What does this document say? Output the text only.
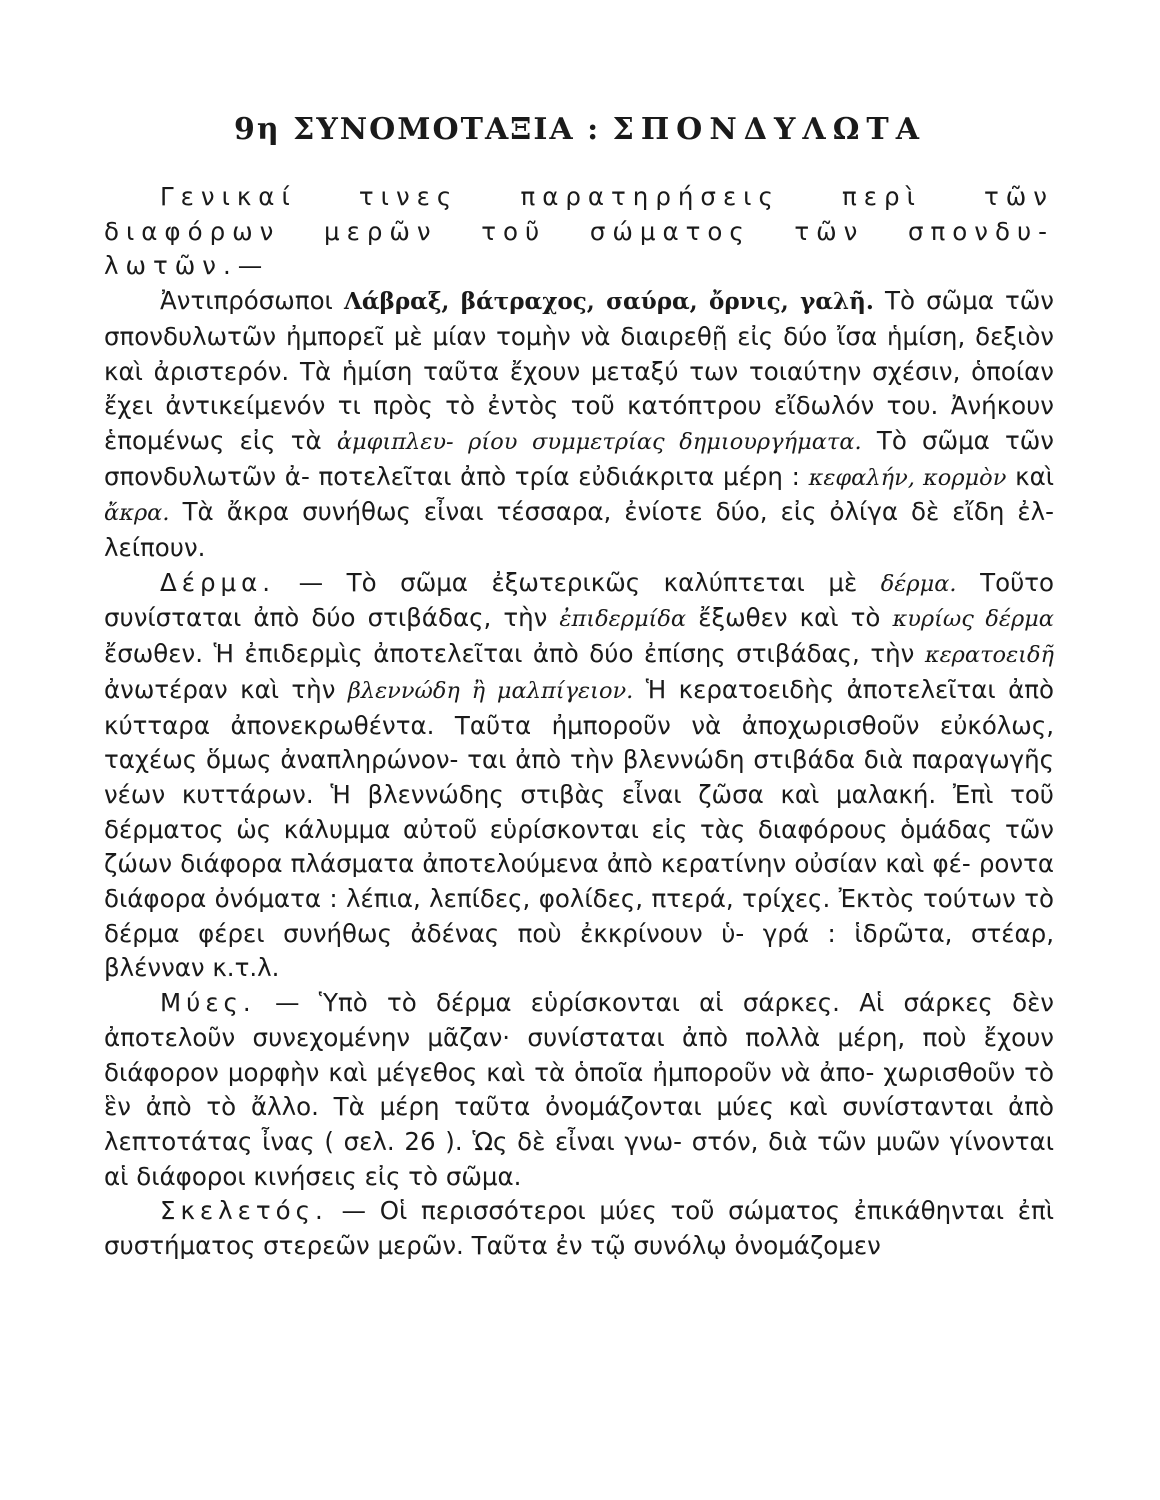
9η ΣΥΝΟΜΟΤΑΞΙΑ : ΣΠΟΝΔΥΛΩΤΑ

Γενικαί τινες παρατηρήσεις περὶ τῶν διαφόρων μερῶν τοῦ σώματος τῶν σπονδυ- λωτῶν.—

Ἀντιπρόσωποι Λάβραξ, βάτραχος, σαύρα, ὄρνις, γαλῆ. Τὸ σῶμα τῶν σπονδυλωτῶν ἠμπορεῖ μὲ μίαν τομὴν νὰ διαιρεθῇ εἰς δύο ἴσα ἡμίση, δεξιὸν καὶ ἀριστερόν. Τὰ ἡμίση ταῦτα ἔχουν μεταξύ των τοιαύτην σχέσιν, ὁποίαν ἔχει ἀντικείμενόν τι πρὸς τὸ ἐντὸς τοῦ κατόπτρου εἴδωλόν του. Ἀνήκουν ἑπομένως εἰς τὰ ἀμφιπλευ- ρίου συμμετρίας δημιουργήματα. Τὸ σῶμα τῶν σπονδυλωτῶν ἀ- ποτελεῖται ἀπὸ τρία εὐδιάκριτα μέρη : κεφαλήν, κορμὸν καὶ ἄκρα. Τὰ ἄκρα συνήθως εἶναι τέσσαρα, ἐνίοτε δύο, εἰς ὀλίγα δὲ εἴδη ἐλ- λείπουν.

Δέρμα. — Τὸ σῶμα ἐξωτερικῶς καλύπτεται μὲ δέρμα. Τοῦτο συνίσταται ἀπὸ δύο στιβάδας, τὴν ἐπιδερμίδα ἔξωθεν καὶ τὸ κυρίως δέρμα ἔσωθεν. Ἡ ἐπιδερμὶς ἀποτελεῖται ἀπὸ δύο ἐπίσης στιβάδας, τὴν κερατοειδῆ ἀνωτέραν καὶ τὴν βλεννώδη ἢ μαλπίγειον. Ἡ κερατοειδὴς ἀποτελεῖται ἀπὸ κύτταρα ἀπονεκρωθέντα. Ταῦτα ἠμποροῦν νὰ ἀποχωρισθοῦν εὐκόλως, ταχέως ὅμως ἀναπληρώνον- ται ἀπὸ τὴν βλεννώδη στιβάδα διὰ παραγωγῆς νέων κυττάρων. Ἡ βλεννώδης στιβὰς εἶναι ζῶσα καὶ μαλακή. Ἐπὶ τοῦ δέρματος ὡς κάλυμμα αὐτοῦ εὑρίσκονται εἰς τὰς διαφόρους ὁμάδας τῶν ζώων διάφορα πλάσματα ἀποτελούμενα ἀπὸ κερατίνην οὐσίαν καὶ φέ- ροντα διάφορα ὀνόματα : λέπια, λεπίδες, φολίδες, πτερά, τρίχες. Ἐκτὸς τούτων τὸ δέρμα φέρει συνήθως ἀδένας ποὺ ἐκκρίνουν ὑ- γρά : ἱδρῶτα, στέαρ, βλένναν κ.τ.λ.

Μύες. — Ὑπὸ τὸ δέρμα εὑρίσκονται αἱ σάρκες. Αἱ σάρκες δὲν ἀποτελοῦν συνεχομένην μᾶζαν· συνίσταται ἀπὸ πολλὰ μέρη, ποὺ ἔχουν διάφορον μορφὴν καὶ μέγεθος καὶ τὰ ὁποῖα ἠμποροῦν νὰ ἀπο- χωρισθοῦν τὸ ἓν ἀπὸ τὸ ἄλλο. Τὰ μέρη ταῦτα ὀνομάζονται μύες καὶ συνίστανται ἀπὸ λεπτοτάτας ἶνας ( σελ. 26 ). Ὡς δὲ εἶναι γνω- στόν, διὰ τῶν μυῶν γίνονται αἱ διάφοροι κινήσεις εἰς τὸ σῶμα.

Σκελετός. — Οἱ περισσότεροι μύες τοῦ σώματος ἐπικάθηνται ἐπὶ συστήματος στερεῶν μερῶν. Ταῦτα ἐν τῷ συνόλῳ ὀνομάζομεν
